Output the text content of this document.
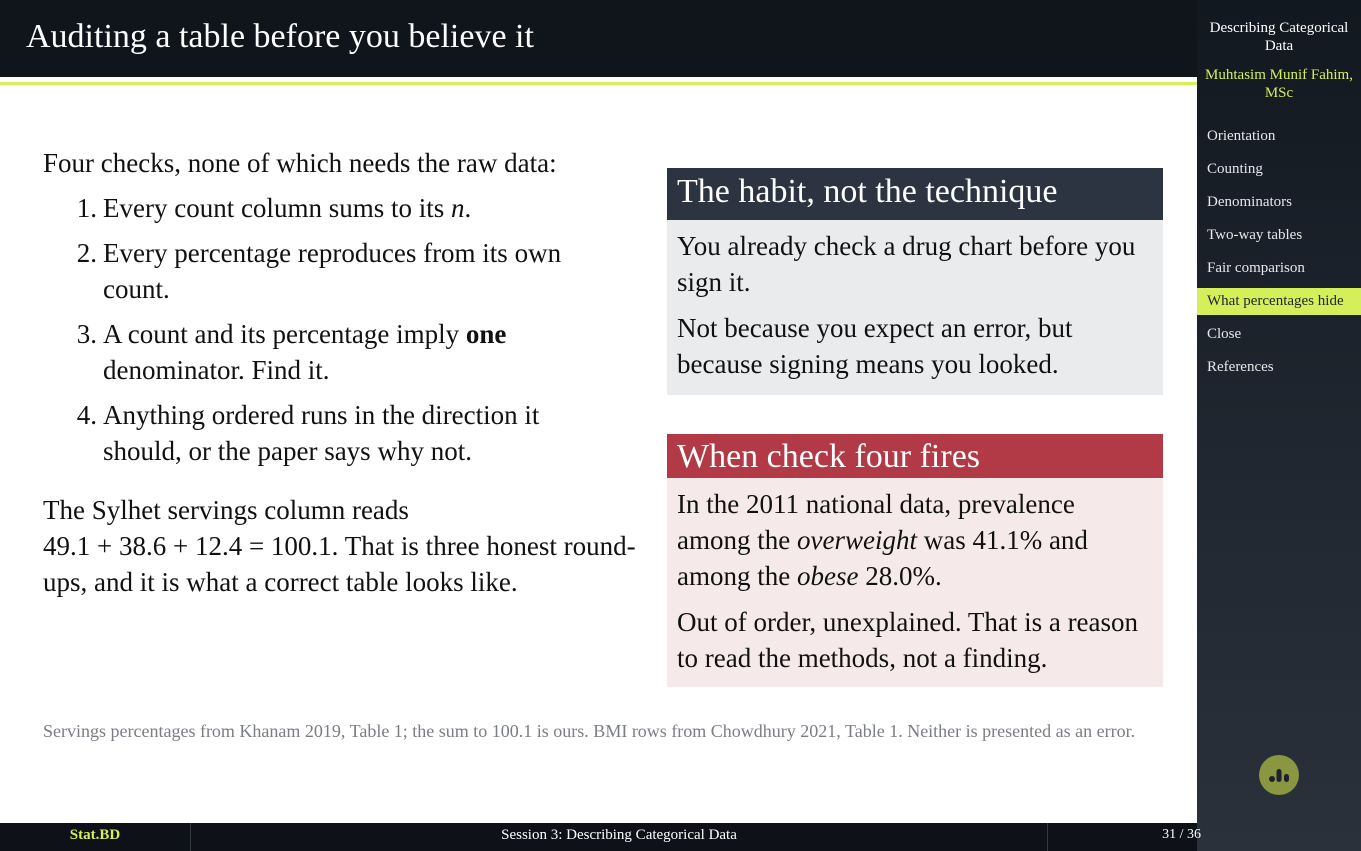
Auditing a table before you believe it
Four checks, none of which needs the raw data:
1. Every count column sums to its n.
2. Every percentage reproduces from its own count.
3. A count and its percentage imply one denominator. Find it.
4. Anything ordered runs in the direction it should, or the paper says why not.
The Sylhet servings column reads
49.1 + 38.6 + 12.4 = 100.1. That is three honest round-ups, and it is what a correct table looks like.
The habit, not the technique

You already check a drug chart before you sign it.

Not because you expect an error, but because signing means you looked.

When check four fires

In the 2011 national data, prevalence among the overweight was 41.1% and among the obese 28.0%.

Out of order, unexplained. That is a reason to read the methods, not a finding.

Servings percentages from Khanam 2019, Table 1; the sum to 100.1 is ours. BMI rows from Chowdhury 2021, Table 1. Neither is presented as an error.
Describing Categorical Data
Muhtasim Munif Fahim, MSc
Orientation
Counting
Denominators
Two-way tables
Fair comparison
What percentages hide
Close
References
Stat.BD	Session 3: Describing Categorical Data	31 / 36
